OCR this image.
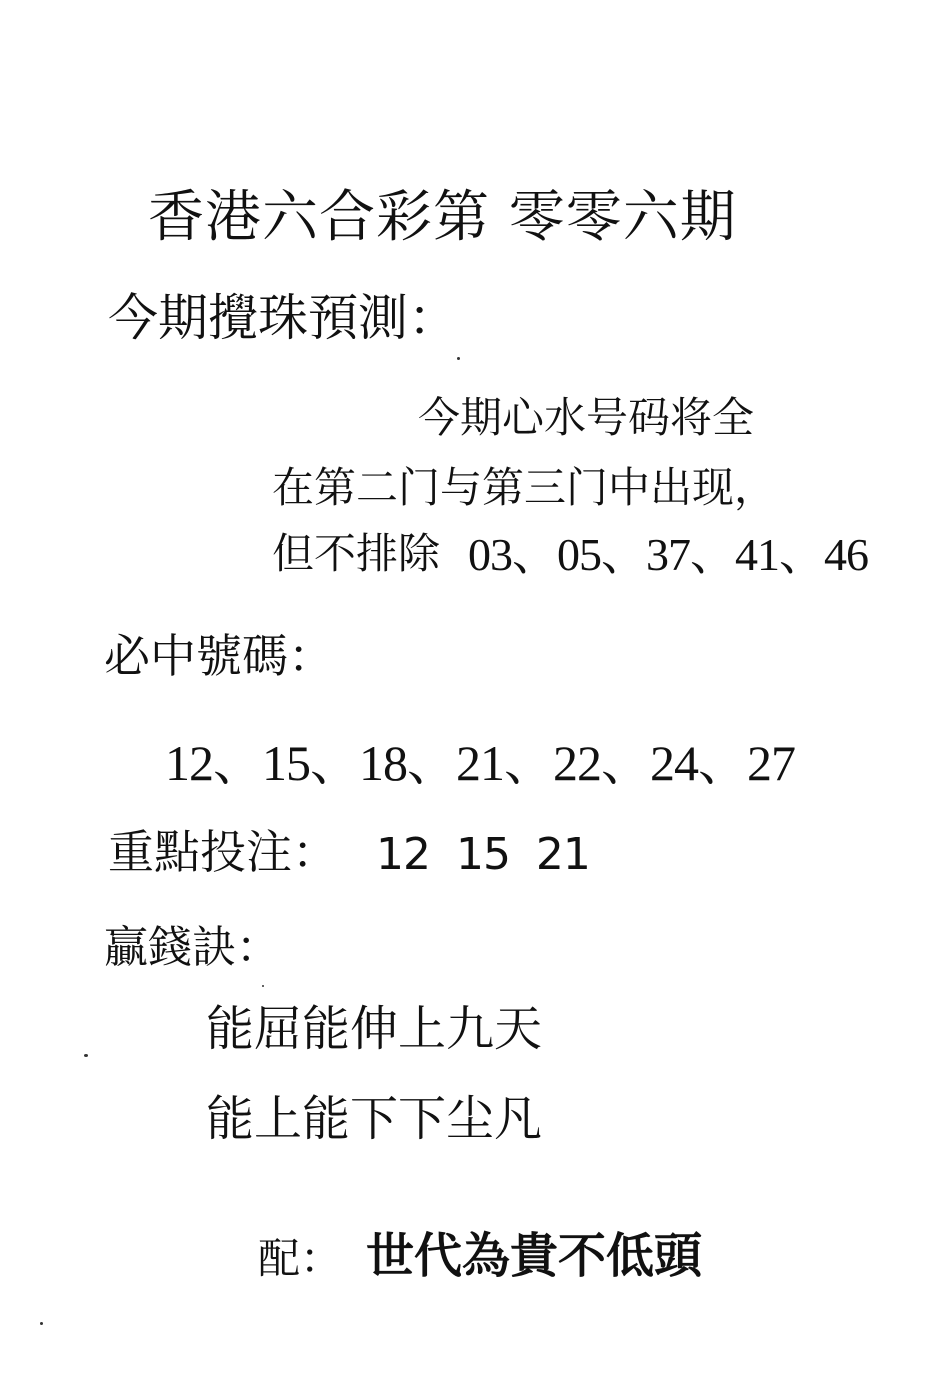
香港六合彩第 零零六期
今期攪珠預測：
今期心水号码将全
在第二门与第三门中出现，
但不排除 03、05、37、41、46
必中號碼：
12、15、18、21、22、24、27
重點投注： 12  15  21
贏錢訣：
能屈能伸上九天
能上能下下尘凡
配： 世代為貴不低頭
